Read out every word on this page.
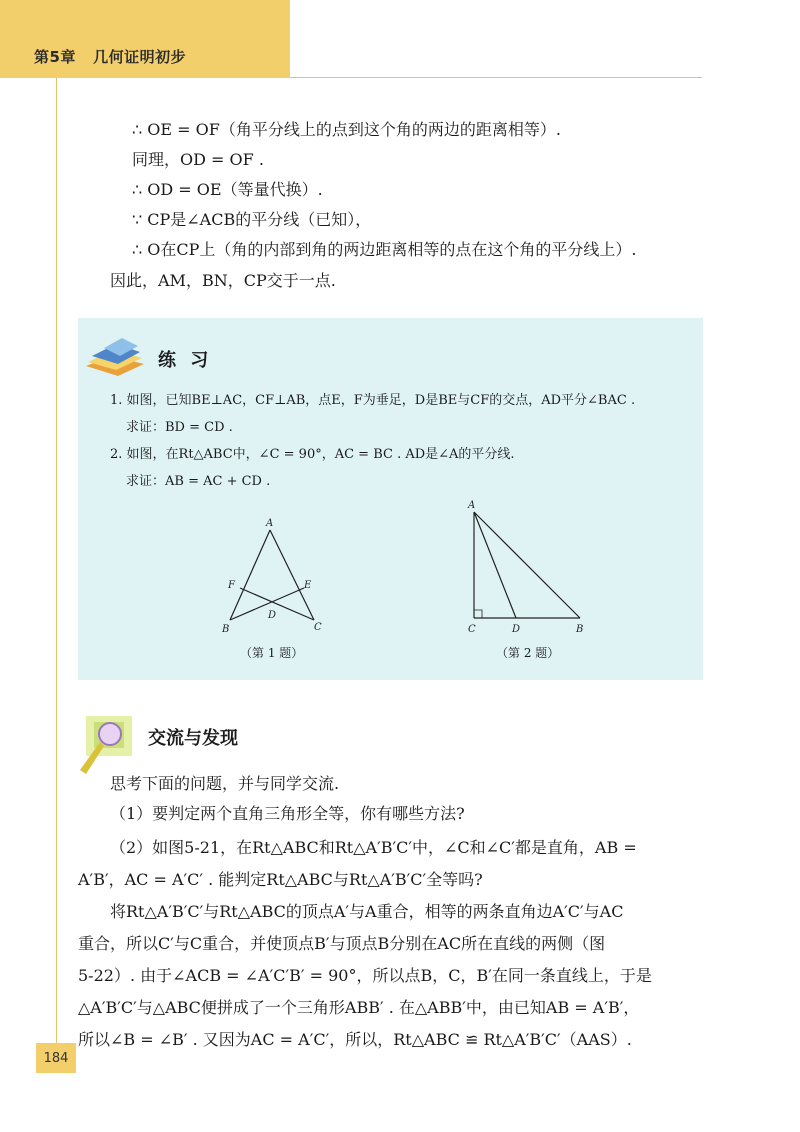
第5章 几何证明初步
∴ OE = OF（角平分线上的点到这个角的两边的距离相等）.
同理，OD = OF .
∴ OD = OE（等量代换）.
∵ CP是∠ACB的平分线（已知），
∴ O在CP上（角的内部到角的两边距离相等的点在这个角的平分线上）.
因此，AM，BN，CP交于一点.
练 习
1. 如图，已知BE⊥AC，CF⊥AB，点E，F为垂足，D是BE与CF的交点，AD平分∠BAC .
求证：BD = CD .
2. 如图，在Rt△ABC中，∠C = 90°，AC = BC . AD是∠A的平分线.
求证：AB = AC + CD .
A
F	E
D
B	C
（第 1 题）
A
C	D	B
（第 2 题）
交流与发现
思考下面的问题，并与同学交流.
（1）要判定两个直角三角形全等，你有哪些方法?
（2）如图5-21，在Rt△ABC和Rt△A′B′C′中，∠C和∠C′都是直角，AB =
A′B′，AC = A′C′ . 能判定Rt△ABC与Rt△A′B′C′全等吗?
将Rt△A′B′C′与Rt△ABC的顶点A′与A重合，相等的两条直角边A′C′与AC
重合，所以C′与C重合，并使顶点B′与顶点B分别在AC所在直线的两侧（图
5-22）. 由于∠ACB = ∠A′C′B′ = 90°，所以点B，C，B′在同一条直线上，于是
△A′B′C′与△ABC便拼成了一个三角形ABB′ . 在△ABB′中，由已知AB = A′B′，
所以∠B = ∠B′ . 又因为AC = A′C′，所以，Rt△ABC ≌ Rt△A′B′C′（AAS）.
184
